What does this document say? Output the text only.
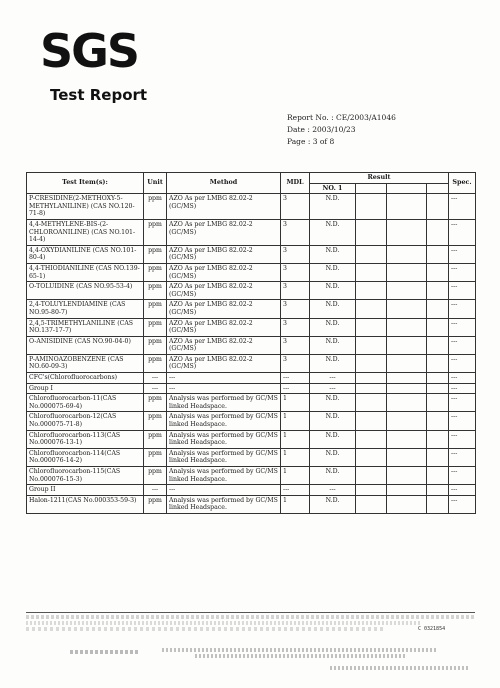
SGS
Test Report
Report No. : CE/2003/A1046
Date : 2003/10/23
Page : 3 of 8
Test Item(s):	Unit	Method	MDL	Result				Spec.
				NO. 1				
P-CRESIDINE(2-METHOXY-5-METHYLANILINE) (CAS NO.120-71-8)	ppm	AZO As per LMBG 82.02-2 (GC/MS)	3	N.D.				---
4,4-METHYLENE-BIS-(2-CHLOROANILINE) (CAS NO.101-14-4)	ppm	AZO As per LMBG 82.02-2 (GC/MS)	3	N.D.				---
4,4-OXYDIANILINE (CAS NO.101-80-4)	ppm	AZO As per LMBG 82.02-2 (GC/MS)	3	N.D.				---
4,4-THIODIANILINE (CAS NO.139-65-1)	ppm	AZO As per LMBG 82.02-2 (GC/MS)	3	N.D.				---
O-TOLUIDINE (CAS NO.95-53-4)	ppm	AZO As per LMBG 82.02-2 (GC/MS)	3	N.D.				---
2,4-TOLUYLENDIAMINE (CAS NO.95-80-7)	ppm	AZO As per LMBG 82.02-2 (GC/MS)	3	N.D.				---
2,4,5-TRIMETHYLANILINE (CAS NO.137-17-7)	ppm	AZO As per LMBG 82.02-2 (GC/MS)	3	N.D.				---
O-ANISIDINE (CAS NO.90-04-0)	ppm	AZO As per LMBG 82.02-2 (GC/MS)	3	N.D.				---
P-AMINOAZOBENZENE (CAS NO.60-09-3)	ppm	AZO As per LMBG 82.02-2 (GC/MS)	3	N.D.				---
CFC's(Chlorofluorocarbons)	---	---	---	---				---
Group I	---	---	---	---				---
Chlorofluorocarbon-11(CAS No.000075-69-4)	ppm	Analysis was performed by GC/MS linked Headspace.	1	N.D.				---
Chlorofluorocarbon-12(CAS No.000075-71-8)	ppm	Analysis was performed by GC/MS linked Headspace.	1	N.D.				---
Chlorofluorocarbon-113(CAS No.000076-13-1)	ppm	Analysis was performed by GC/MS linked Headspace.	1	N.D.				---
Chlorofluorocarbon-114(CAS No.000076-14-2)	ppm	Analysis was performed by GC/MS linked Headspace.	1	N.D.				---
Chlorofluorocarbon-115(CAS No.000076-15-3)	ppm	Analysis was performed by GC/MS linked Headspace.	1	N.D.				---
Group II	---	---	---	---				---
Halon-1211(CAS No.000353-59-3)	ppm	Analysis was performed by GC/MS linked Headspace.	1	N.D.				---
C 0321854
